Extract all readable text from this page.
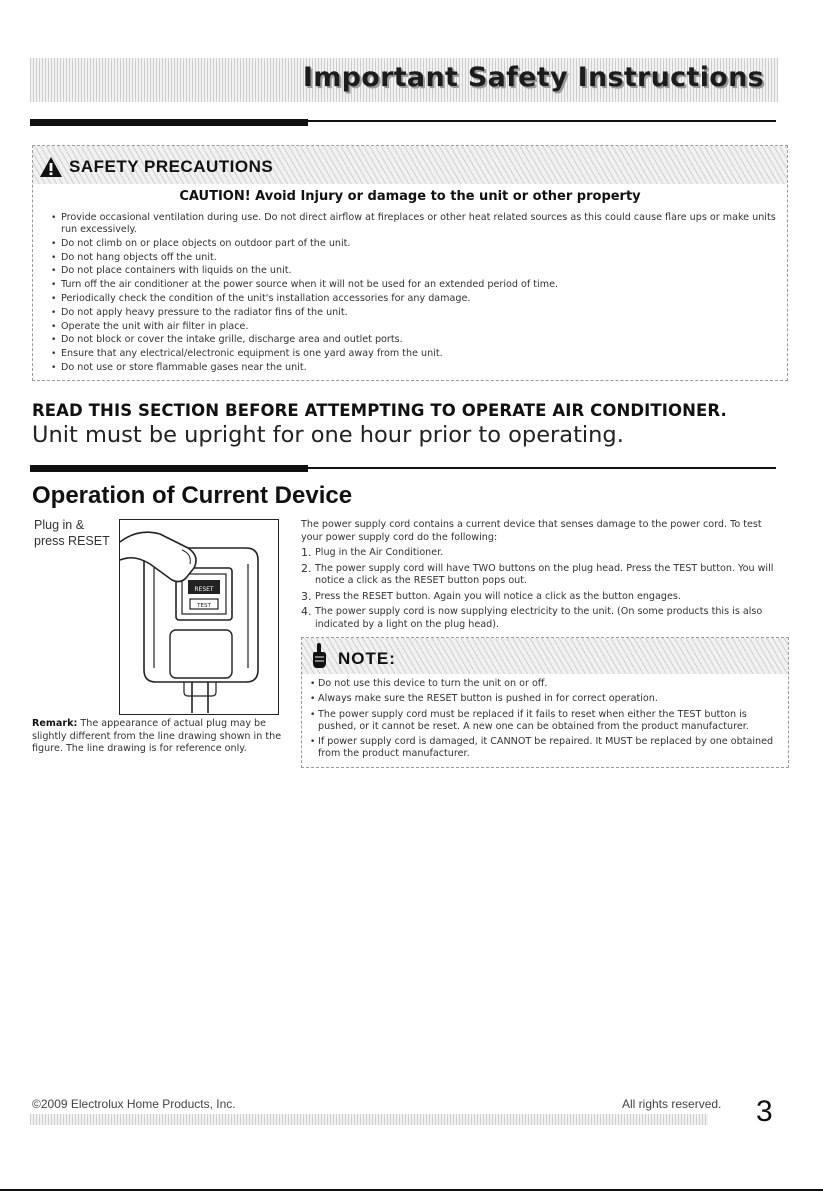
Important Safety Instructions
SAFETY PRECAUTIONS
CAUTION! Avoid Injury or damage to the unit or other property
• Provide occasional ventilation during use. Do not direct airflow at fireplaces or other heat related sources as this could cause flare ups or make units run excessively.
• Do not climb on or place objects on outdoor part of the unit.
• Do not hang objects off the unit.
• Do not place containers with liquids on the unit.
• Turn off the air conditioner at the power source when it will not be used for an extended period of time.
• Periodically check the condition of the unit's installation accessories for any damage.
• Do not apply heavy pressure to the radiator fins of the unit.
• Operate the unit with air filter in place.
• Do not block or cover the intake grille, discharge area and outlet ports.
• Ensure that any electrical/electronic equipment is one yard away from the unit.
• Do not use or store flammable gases near the unit.
READ THIS SECTION BEFORE ATTEMPTING TO OPERATE AIR CONDITIONER.
Unit must be upright for one hour prior to operating.
Operation of Current Device
Plug in &
press RESET
RESET
TEST
Remark: The appearance of actual plug may be slightly different from the line drawing shown in the figure. The line drawing is for reference only.
The power supply cord contains a current device that senses damage to the power cord. To test your power supply cord do the following:
1. Plug in the Air Conditioner.
2. The power supply cord will have TWO buttons on the plug head. Press the TEST button. You will notice a click as the RESET button pops out.
3. Press the RESET button. Again you will notice a click as the button engages.
4. The power supply cord is now supplying electricity to the unit. (On some products this is also indicated by a light on the plug head).
NOTE:
• Do not use this device to turn the unit on or off.
• Always make sure the RESET button is pushed in for correct operation.
• The power supply cord must be replaced if it fails to reset when either the TEST button is pushed, or it cannot be reset. A new one can be obtained from the product manufacturer.
• If power supply cord is damaged, it CANNOT be repaired. It MUST be replaced by one obtained from the product manufacturer.
©2009 Electrolux Home Products, Inc.	All rights reserved. 3
